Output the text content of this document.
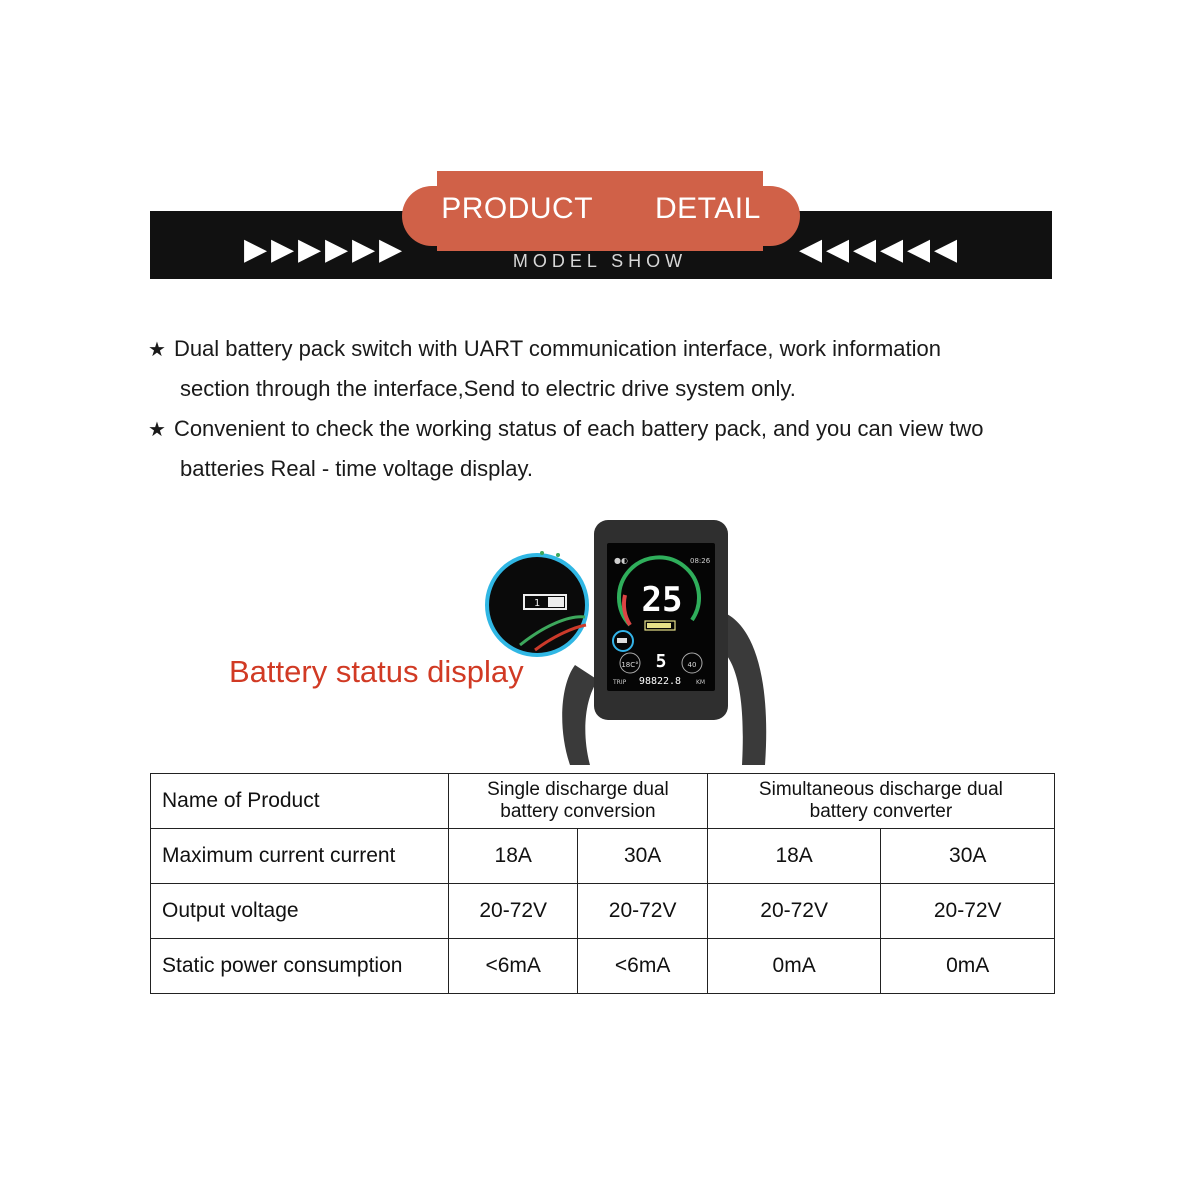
▶ ▶ ▶ ▶ ▶ ▶	◀ ◀ ◀ ◀ ◀ ◀
PRODUCT   DETAIL
MODEL SHOW
★ Dual battery pack switch with UART communication interface, work information
section through the interface,Send to electric drive system only.
★ Convenient to check the working status of each battery pack, and you can view two
batteries Real - time voltage display.
●◐	08:26
25
18C° 5	40
TRIP 98822.8 KM
1
Battery status display
Name of Product	Single discharge dual
battery conversion		Simultaneous discharge dual
battery converter	
Maximum current current	18A	30A	18A	30A
Output voltage	20-72V	20-72V	20-72V	20-72V
Static power consumption	<6mA	<6mA	0mA	0mA
